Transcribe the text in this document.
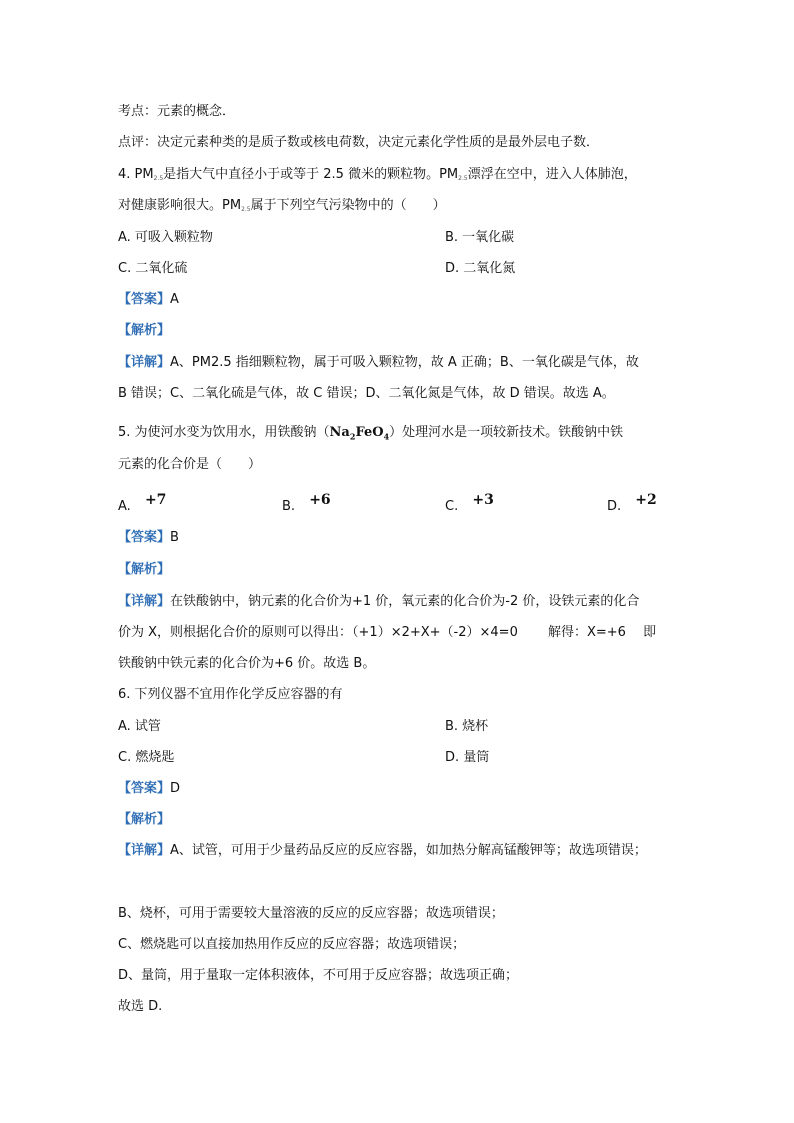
考点：元素的概念．
点评：决定元素种类的是质子数或核电荷数，决定元素化学性质的是最外层电子数．
4. $PM_{2.5}$是指大气中直径小于或等于 2.5 微米的颗粒物。$PM_{2.5}$漂浮在空中，进入人体肺泡，
对健康影响很大。$PM_{2.5}$属于下列空气污染物中的（　　）
A. 可吸入颗粒物	B. 一氧化碳
C. 二氧化硫	D. 二氧化氮
【答案】A
【解析】
【详解】A、PM2.5 指细颗粒物，属于可吸入颗粒物，故 A 正确；B、一氧化碳是气体，故
B 错误；C、二氧化硫是气体，故 C 错误；D、二氧化氮是气体，故 D 错误。故选 A。
5. 为使河水变为饮用水，用铁酸钠$(Na_2FeO_4)$处理河水是一项较新技术。铁酸钠中铁
元素的化合价是（　　）
A. +7	B. +6	C. +3	D. +2
【答案】B
【解析】
【详解】在铁酸钠中，钠元素的化合价为+1 价，氧元素的化合价为-2 价，设铁元素的化合
价为 X，则根据化合价的原则可以得出：（+1）×2+X+（-2）×4=0　　 解得：X=+6　 即
铁酸钠中铁元素的化合价为+6 价。故选 B。
6. 下列仪器不宜用作化学反应容器的有
A. 试管	B. 烧杯
C. 燃烧匙	D. 量筒
【答案】D
【解析】
【详解】A、试管，可用于少量药品反应的反应容器，如加热分解高锰酸钾等；故选项错误；
B、烧杯，可用于需要较大量溶液的反应的反应容器；故选项错误；
C、燃烧匙可以直接加热用作反应的反应容器；故选项错误；
D、量筒，用于量取一定体积液体，不可用于反应容器；故选项正确；
故选 D.
